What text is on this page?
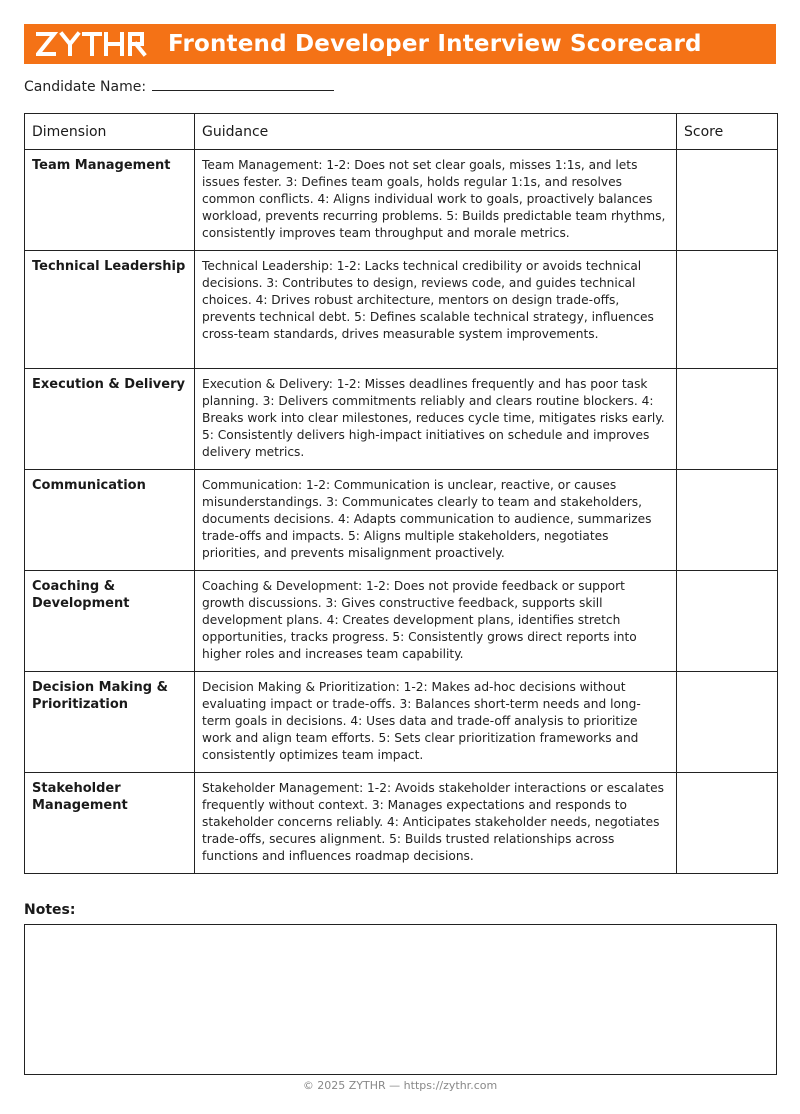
Frontend Developer Interview Scorecard
Candidate Name:
Dimension	Guidance	Score
Team Management	Team Management: 1-2: Does not set clear goals, misses 1:1s, and lets issues fester. 3: Defines team goals, holds regular 1:1s, and resolves common conflicts. 4: Aligns individual work to goals, proactively balances workload, prevents recurring problems. 5: Builds predictable team rhythms, consistently improves team throughput and morale metrics.	
Technical Leadership	Technical Leadership: 1-2: Lacks technical credibility or avoids technical decisions. 3: Contributes to design, reviews code, and guides technical choices. 4: Drives robust architecture, mentors on design trade-offs, prevents technical debt. 5: Defines scalable technical strategy, influences cross-team standards, drives measurable system improvements.	
Execution & Delivery	Execution & Delivery: 1-2: Misses deadlines frequently and has poor task planning. 3: Delivers commitments reliably and clears routine blockers. 4: Breaks work into clear milestones, reduces cycle time, mitigates risks early. 5: Consistently delivers high-impact initiatives on schedule and improves delivery metrics.	
Communication	Communication: 1-2: Communication is unclear, reactive, or causes misunderstandings. 3: Communicates clearly to team and stakeholders, documents decisions. 4: Adapts communication to audience, summarizes trade-offs and impacts. 5: Aligns multiple stakeholders, negotiates priorities, and prevents misalignment proactively.	
Coaching & Development	Coaching & Development: 1-2: Does not provide feedback or support growth discussions. 3: Gives constructive feedback, supports skill development plans. 4: Creates development plans, identifies stretch opportunities, tracks progress. 5: Consistently grows direct reports into higher roles and increases team capability.	
Decision Making & Prioritization	Decision Making & Prioritization: 1-2: Makes ad-hoc decisions without evaluating impact or trade-offs. 3: Balances short-term needs and long-term goals in decisions. 4: Uses data and trade-off analysis to prioritize work and align team efforts. 5: Sets clear prioritization frameworks and consistently optimizes team impact.	
Stakeholder Management	Stakeholder Management: 1-2: Avoids stakeholder interactions or escalates frequently without context. 3: Manages expectations and responds to stakeholder concerns reliably. 4: Anticipates stakeholder needs, negotiates trade-offs, secures alignment. 5: Builds trusted relationships across functions and influences roadmap decisions.	
Notes:
© 2025 ZYTHR — https://zythr.com
